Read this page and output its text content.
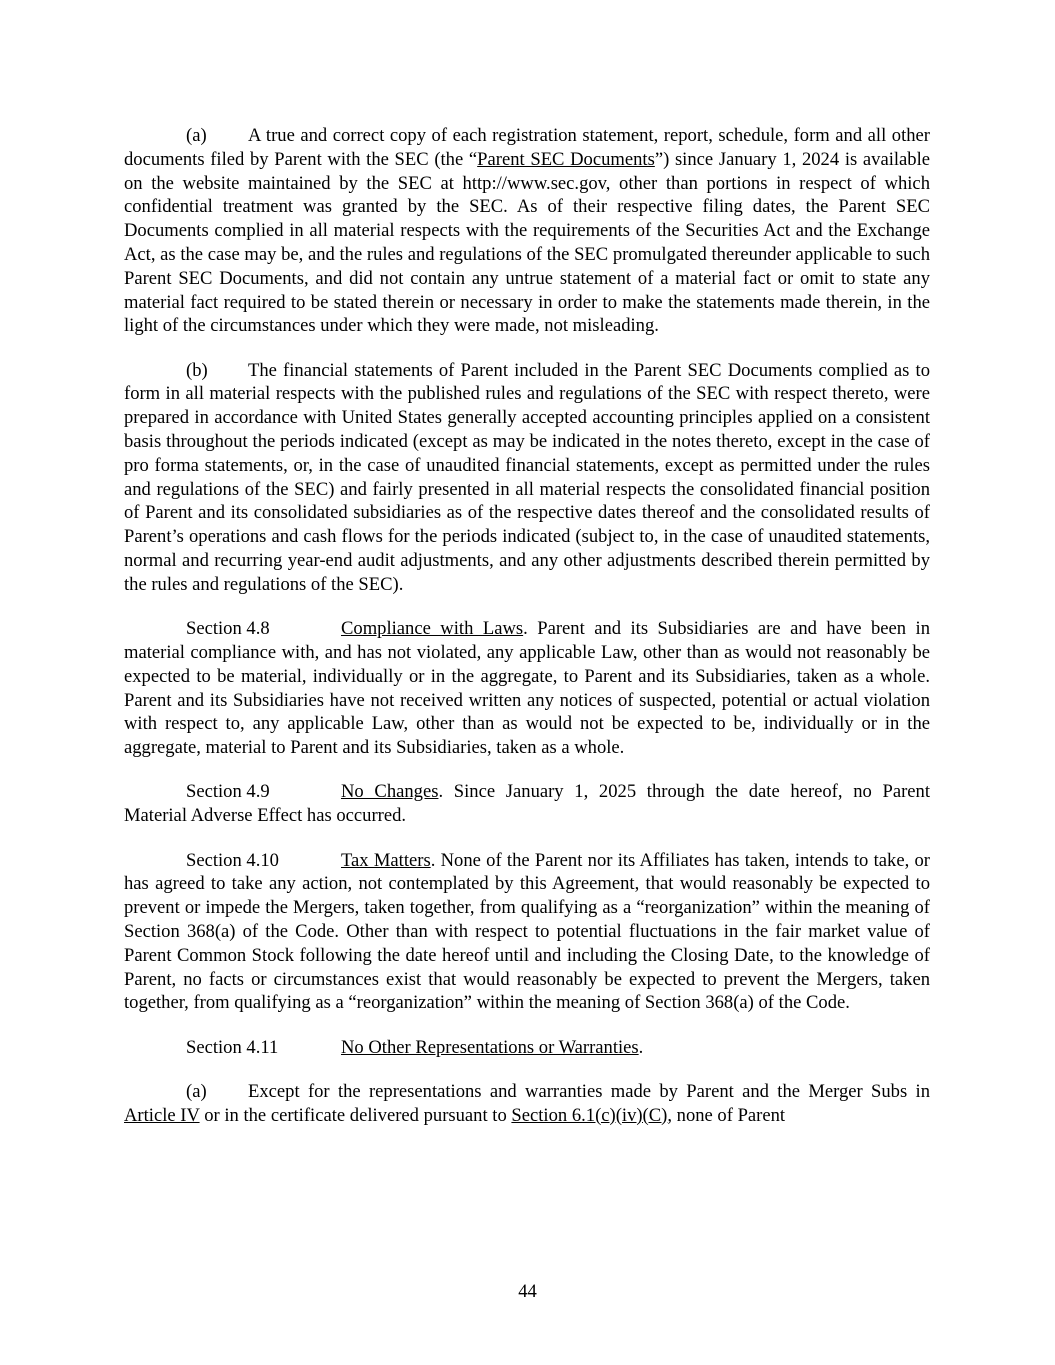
(a) A true and correct copy of each registration statement, report, schedule, form and all other documents filed by Parent with the SEC (the “Parent SEC Documents”) since January 1, 2024 is available on the website maintained by the SEC at http://www.sec.gov, other than portions in respect of which confidential treatment was granted by the SEC. As of their respective filing dates, the Parent SEC Documents complied in all material respects with the requirements of the Securities Act and the Exchange Act, as the case may be, and the rules and regulations of the SEC promulgated thereunder applicable to such Parent SEC Documents, and did not contain any untrue statement of a material fact or omit to state any material fact required to be stated therein or necessary in order to make the statements made therein, in the light of the circumstances under which they were made, not misleading.

(b) The financial statements of Parent included in the Parent SEC Documents complied as to form in all material respects with the published rules and regulations of the SEC with respect thereto, were prepared in accordance with United States generally accepted accounting principles applied on a consistent basis throughout the periods indicated (except as may be indicated in the notes thereto, except in the case of pro forma statements, or, in the case of unaudited financial statements, except as permitted under the rules and regulations of the SEC) and fairly presented in all material respects the consolidated financial position of Parent and its consolidated subsidiaries as of the respective dates thereof and the consolidated results of Parent’s operations and cash flows for the periods indicated (subject to, in the case of unaudited statements, normal and recurring year-end audit adjustments, and any other adjustments described therein permitted by the rules and regulations of the SEC).

Section 4.8	Compliance with Laws. Parent and its Subsidiaries are and have been in material compliance with, and has not violated, any applicable Law, other than as would not reasonably be expected to be material, individually or in the aggregate, to Parent and its Subsidiaries, taken as a whole. Parent and its Subsidiaries have not received written any notices of suspected, potential or actual violation with respect to, any applicable Law, other than as would not be expected to be, individually or in the aggregate, material to Parent and its Subsidiaries, taken as a whole.

Section 4.9	No Changes. Since January 1, 2025 through the date hereof, no Parent Material Adverse Effect has occurred.

Section 4.10	Tax Matters. None of the Parent nor its Affiliates has taken, intends to take, or has agreed to take any action, not contemplated by this Agreement, that would reasonably be expected to prevent or impede the Mergers, taken together, from qualifying as a “reorganization” within the meaning of Section 368(a) of the Code. Other than with respect to potential fluctuations in the fair market value of Parent Common Stock following the date hereof until and including the Closing Date, to the knowledge of Parent, no facts or circumstances exist that would reasonably be expected to prevent the Mergers, taken together, from qualifying as a “reorganization” within the meaning of Section 368(a) of the Code.

Section 4.11	No Other Representations or Warranties.

(a) Except for the representations and warranties made by Parent and the Merger Subs in Article IV or in the certificate delivered pursuant to Section 6.1(c)(iv)(C), none of Parent

44
